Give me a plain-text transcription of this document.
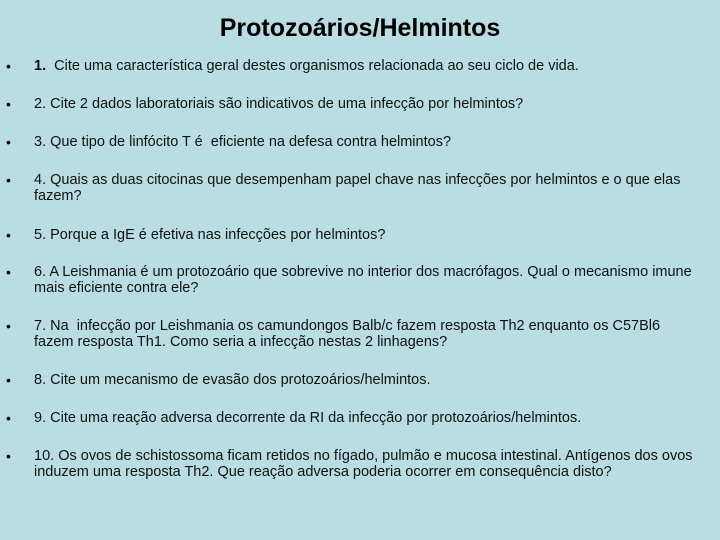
Protozoários/Helmintos
• 1.  Cite uma característica geral destes organismos relacionada ao seu ciclo de vida.

• 2. Cite 2 dados laboratoriais são indicativos de uma infecção por helmintos?

• 3. Que tipo de linfócito T é  eficiente na defesa contra helmintos?

• 4. Quais as duas citocinas que desempenham papel chave nas infecções por helmintos e o que elas fazem?

• 5. Porque a IgE é efetiva nas infecções por helmintos?

• 6. A Leishmania é um protozoário que sobrevive no interior dos macrófagos. Qual o mecanismo imune mais eficiente contra ele?

• 7. Na  infecção por Leishmania os camundongos Balb/c fazem resposta Th2 enquanto os C57Bl6 fazem resposta Th1. Como seria a infecção nestas 2 linhagens?

• 8. Cite um mecanismo de evasão dos protozoários/helmintos.

• 9. Cite uma reação adversa decorrente da RI da infecção por protozoários/helmintos.

• 10. Os ovos de schistossoma ficam retidos no fígado, pulmão e mucosa intestinal. Antígenos dos ovos induzem uma resposta Th2. Que reação adversa poderia ocorrer em consequência disto?
